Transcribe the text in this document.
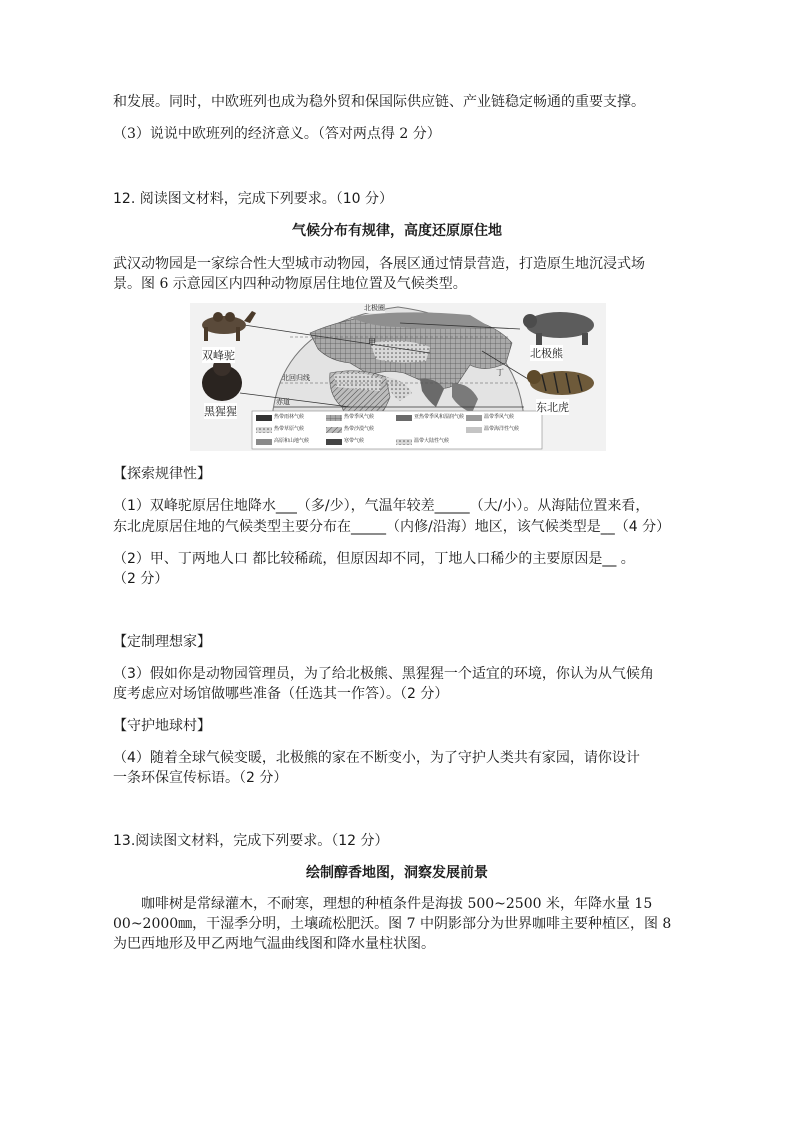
和发展。同时，中欧班列也成为稳外贸和保国际供应链、产业链稳定畅通的重要支撑。
（3）说说中欧班列的经济意义。（答对两点得 2 分）
12. 阅读图文材料，完成下列要求。（10 分）
气候分布有规律，高度还原原住地
武汉动物园是一家综合性大型城市动物园，各展区通过情景营造，打造原生地沉浸式场
景。图 6 示意园区内四种动物原居住地位置及气候类型。
双峰驼
黑猩猩
北极熊
东北虎
甲
丁
北回归线
赤道
北极圈
热带雨林气候	热带季风气候	亚热带季风和湿润气候	温带季风气候
热带草原气候	热带沙漠气候	温带海洋性气候
高原和山地气候	寒带气候	温带大陆性气候
【探索规律性】
（1）双峰驼原居住地降水___（多/少），气温年较差_____（大/小）。从海陆位置来看，
东北虎原居住地的气候类型主要分布在_____（内修/沿海）地区，该气候类型是__（4 分）
（2）甲、丁两地人口 都比较稀疏，但原因却不同，丁地人口稀少的主要原因是__ 。
（2 分）
【定制理想家】
（3）假如你是动物园管理员，为了给北极熊、黑猩猩一个适宜的环境，你认为从气候角
度考虑应对场馆做哪些准备（任选其一作答）。（2 分）
【守护地球村】
（4）随着全球气候变暖，北极熊的家在不断变小，为了守护人类共有家园，请你设计
一条环保宣传标语。（2 分）
13.阅读图文材料，完成下列要求。（12 分）
绘制醇香地图，洞察发展前景
咖啡树是常绿灌木，不耐寒，理想的种植条件是海拔 500~2500 米，年降水量 15
00~2000㎜，干湿季分明，土壤疏松肥沃。图 7 中阴影部分为世界咖啡主要种植区，图 8
为巴西地形及甲乙两地气温曲线图和降水量柱状图。
